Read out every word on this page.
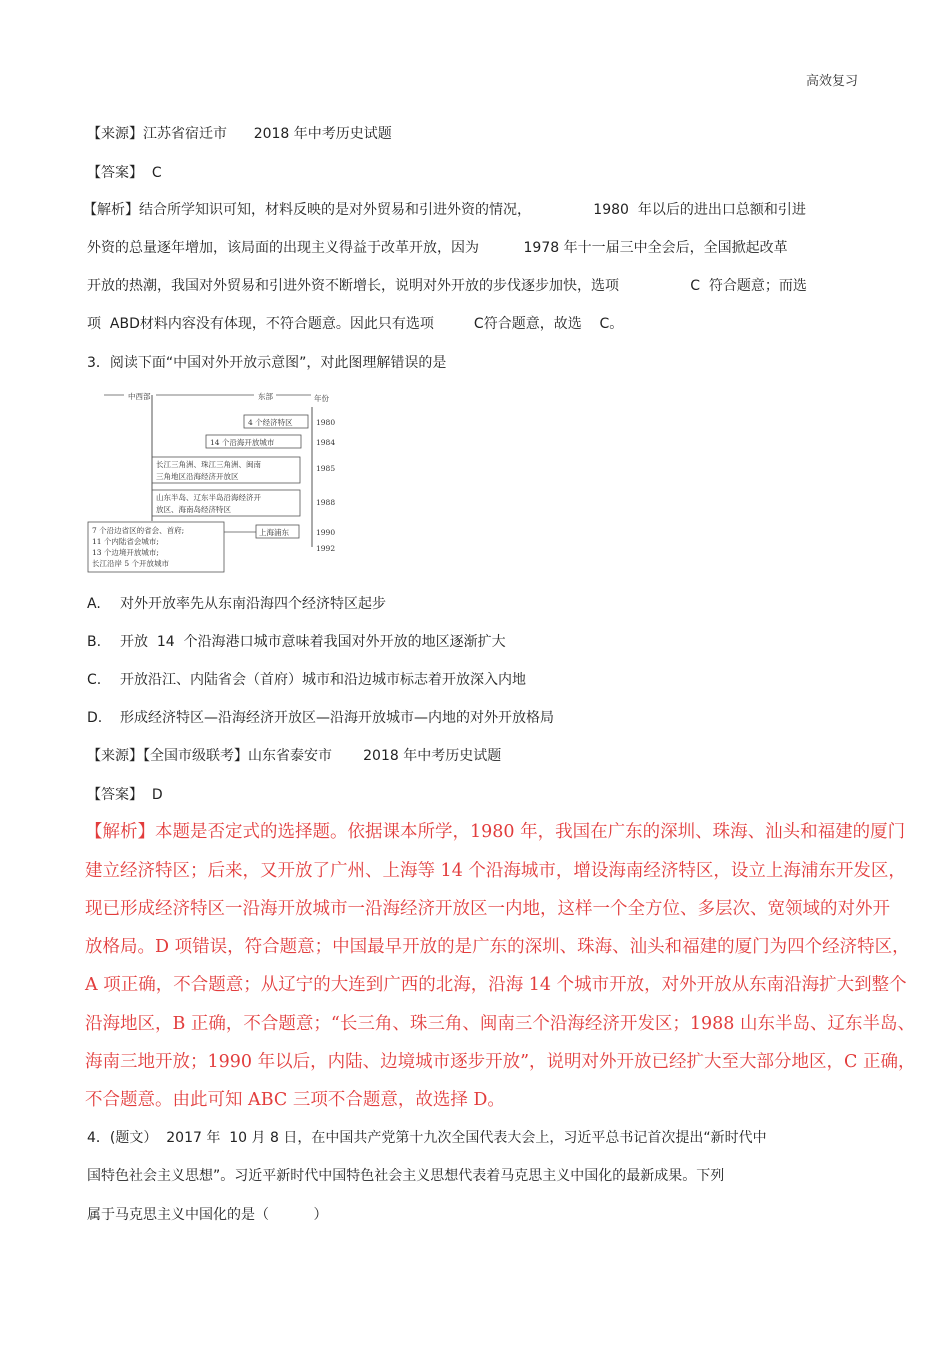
高效复习
【来源】江苏省宿迁市      2018 年中考历史试题
【答案】  C
【解析】结合所学知识可知，材料反映的是对外贸易和引进外资的情况，              1980  年以后的进出口总额和引进
外资的总量逐年增加，该局面的出现主义得益于改革开放，因为          1978 年十一届三中全会后，全国掀起改革
开放的热潮，我国对外贸易和引进外资不断增长，说明对外开放的步伐逐步加快，选项                C  符合题意；而选
项  ABD材料内容没有体现，不符合题意。因此只有选项         C符合题意，故选    C。
3．阅读下面“中国对外开放示意图”，对此图理解错误的是
中西部	东部	年份
4 个经济特区
14 个沿海开放城市
长江三角洲、珠江三角洲、闽南
三角地区沿海经济开放区
山东半岛、辽东半岛沿海经济开
放区、海南岛经济特区
上海浦东
7 个沿边省区的省会、首府;
11 个内陆省会城市;
13 个边境开放城市;
长江沿岸 5 个开放城市
1980
1984
1985
1988
1990
1992
A. 对外开放率先从东南沿海四个经济特区起步
B. 开放  14  个沿海港口城市意味着我国对外开放的地区逐渐扩大
C. 开放沿江、内陆省会（首府）城市和沿边城市标志着开放深入内地
D. 形成经济特区—沿海经济开放区—沿海开放城市—内地的对外开放格局
【来源】【全国市级联考】山东省泰安市       2018 年中考历史试题
【答案】  D
【解析】本题是否定式的选择题。依据课本所学，1980 年，我国在广东的深圳、珠海、汕头和福建的厦门
建立经济特区；后来，又开放了广州、上海等 14 个沿海城市，增设海南经济特区，设立上海浦东开发区，
现已形成经济特区一沿海开放城市一沿海经济开放区一内地，这样一个全方位、多层次、宽领域的对外开
放格局。D 项错误，符合题意；中国最早开放的是广东的深圳、珠海、汕头和福建的厦门为四个经济特区，
A 项正确，不合题意；从辽宁的大连到广西的北海，沿海 14 个城市开放，对外开放从东南沿海扩大到整个
沿海地区，B 正确，不合题意；“长三角、珠三角、闽南三个沿海经济开发区；1988 山东半岛、辽东半岛、
海南三地开放；1990 年以后，内陆、边境城市逐步开放”，说明对外开放已经扩大至大部分地区，C 正确，
不合题意。由此可知 ABC 三项不合题意，故选择 D。
4．(题文）  2017 年  10 月 8 日，在中国共产党第十九次全国代表大会上，习近平总书记首次提出“新时代中
国特色社会主义思想”。习近平新时代中国特色社会主义思想代表着马克思主义中国化的最新成果。下列
属于马克思主义中国化的是（          ）
